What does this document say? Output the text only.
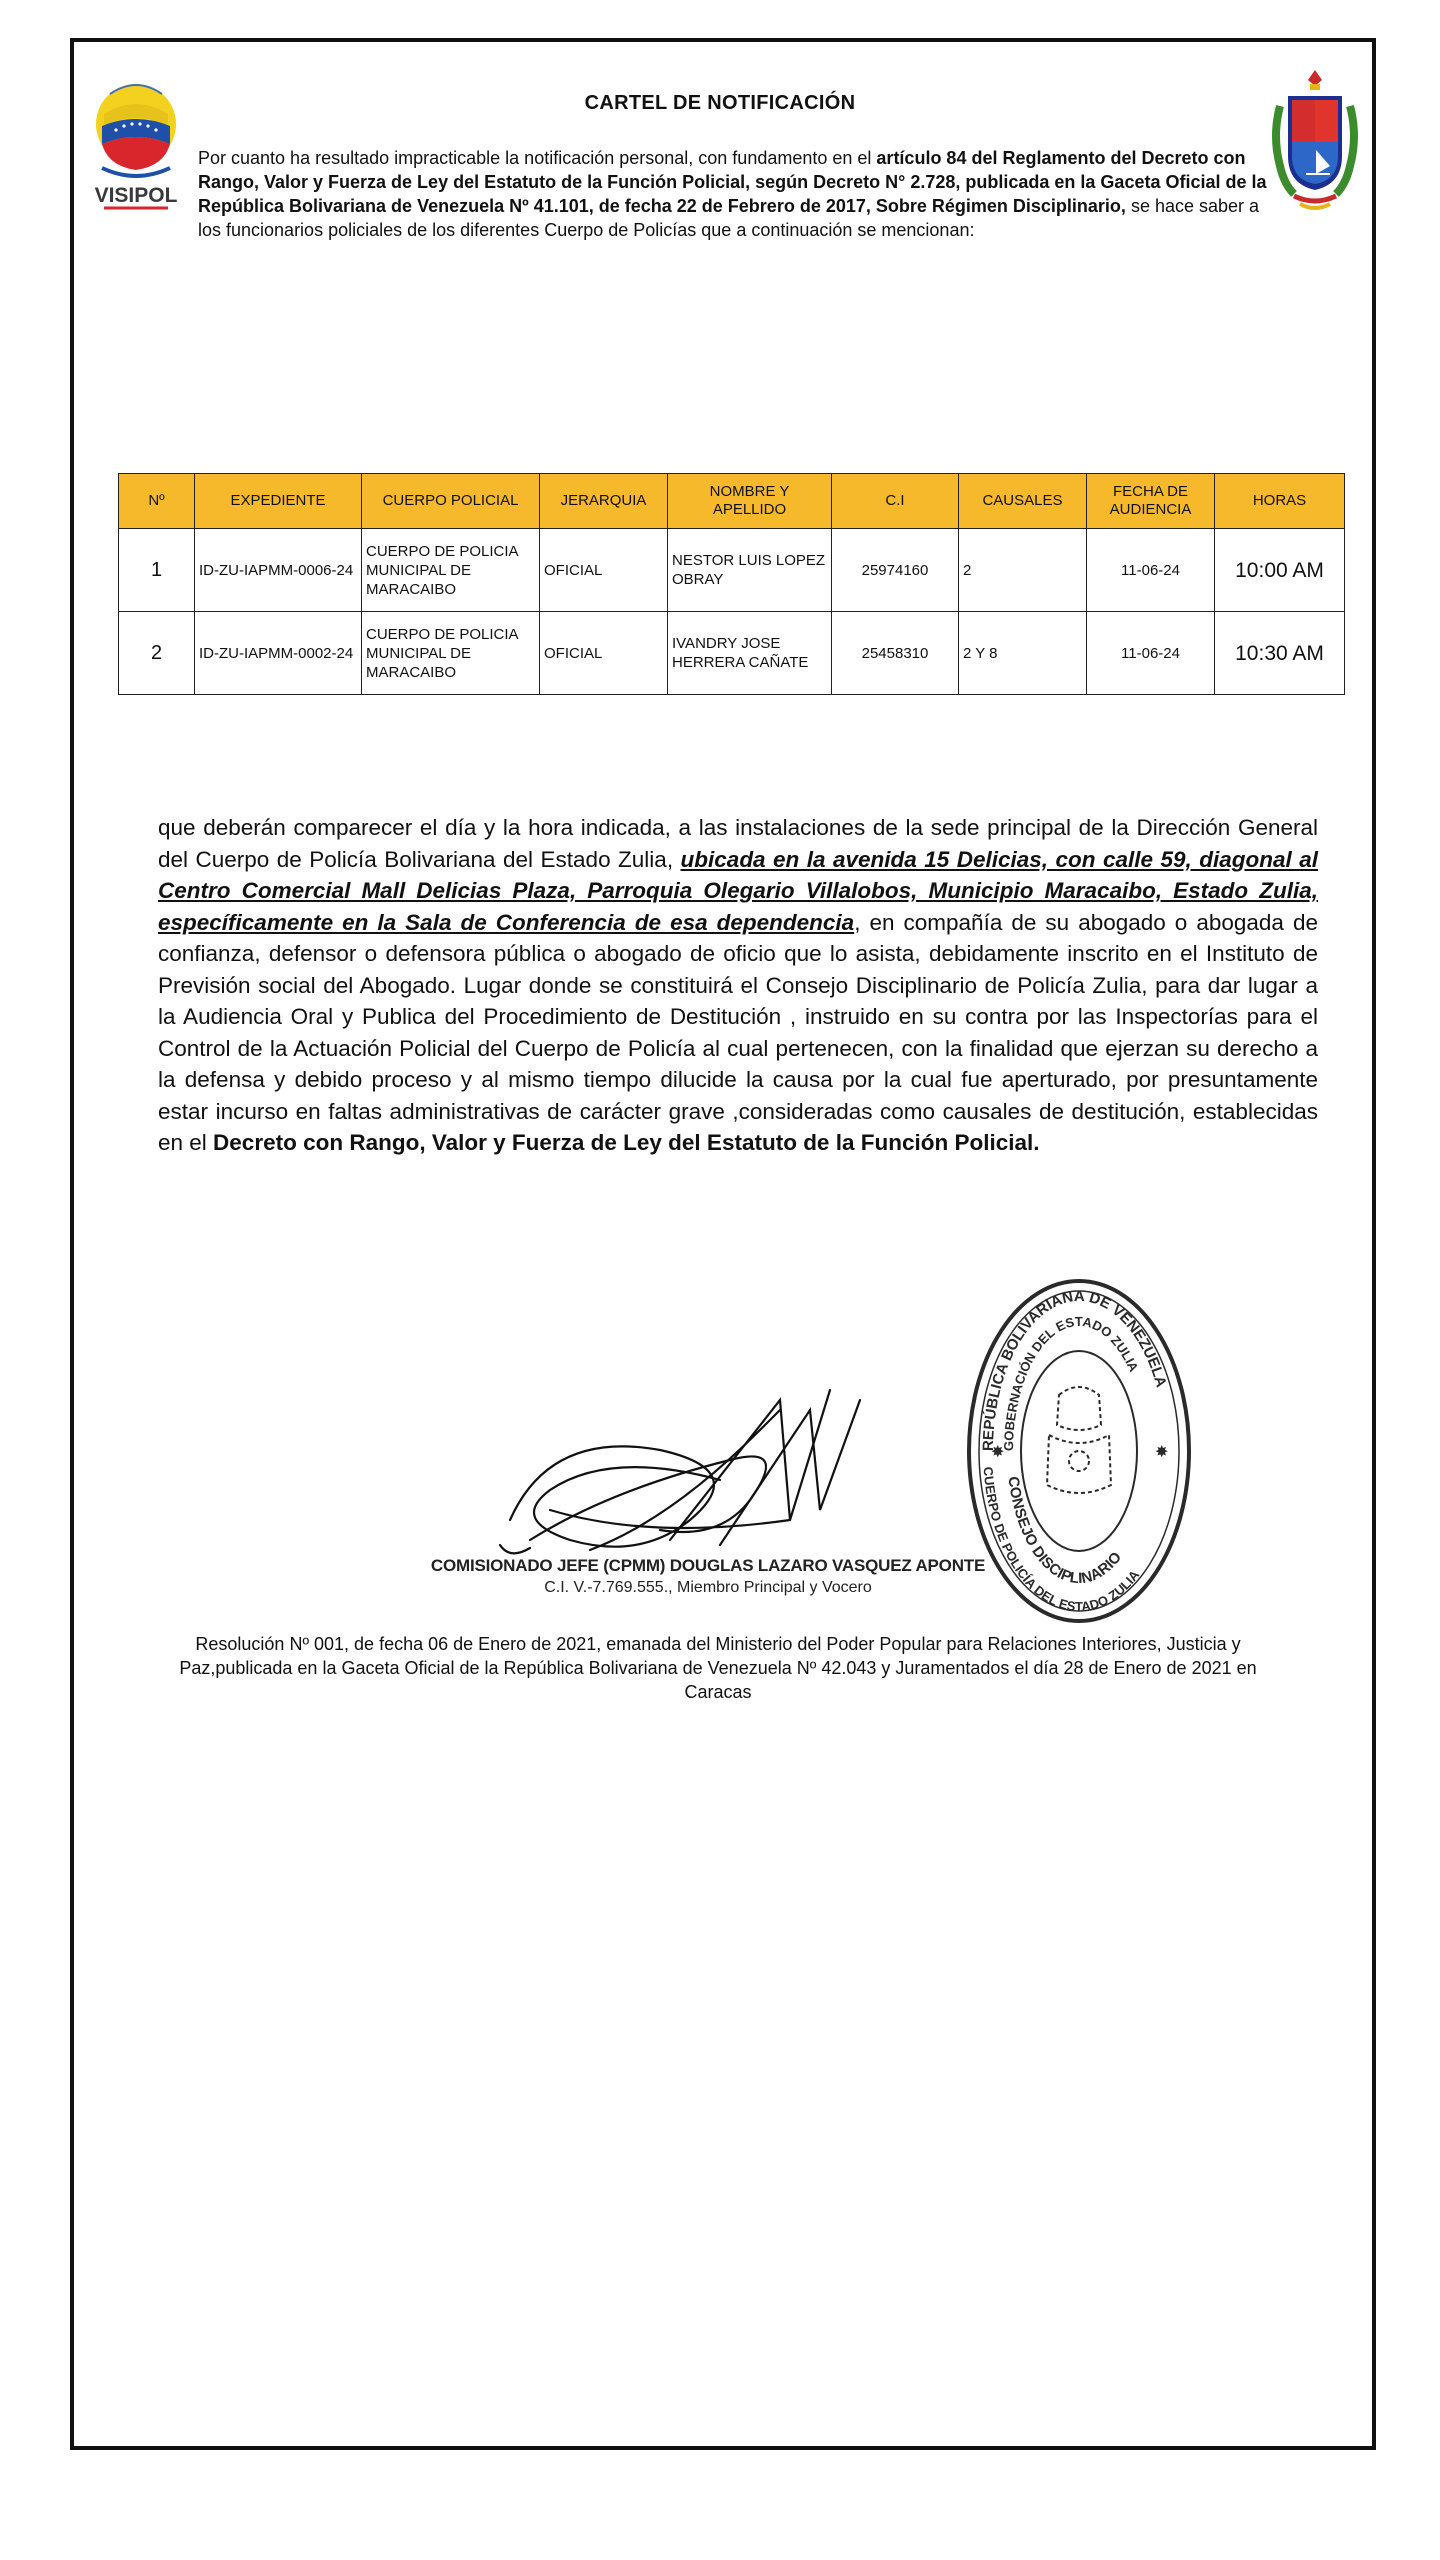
VISIPOL
CARTEL DE NOTIFICACIÓN
Por cuanto ha resultado impracticable la notificación personal, con fundamento en el artículo 84 del Reglamento del Decreto con Rango, Valor y Fuerza de Ley del Estatuto de la Función Policial, según Decreto N° 2.728, publicada en la Gaceta Oficial de la República Bolivariana de Venezuela Nº 41.101, de fecha 22 de Febrero de 2017, Sobre Régimen Disciplinario, se hace saber a los funcionarios policiales de los diferentes Cuerpo de Policías que a continuación se mencionan:
Nº	EXPEDIENTE	CUERPO POLICIAL	JERARQUIA	NOMBRE Y APELLIDO	C.I	CAUSALES	FECHA DE AUDIENCIA	HORAS
1	ID-ZU-IAPMM-0006-24	CUERPO DE POLICIA MUNICIPAL DE MARACAIBO	OFICIAL	NESTOR LUIS LOPEZ OBRAY	25974160	2	11-06-24	10:00 AM
2	ID-ZU-IAPMM-0002-24	CUERPO DE POLICIA MUNICIPAL DE MARACAIBO	OFICIAL	IVANDRY JOSE HERRERA CAÑATE	25458310	2 Y 8	11-06-24	10:30 AM
que deberán comparecer el día y la hora indicada, a las instalaciones de la sede principal de la Dirección General del Cuerpo de Policía Bolivariana del Estado Zulia, ubicada en la avenida 15 Delicias, con calle 59, diagonal al Centro Comercial Mall Delicias Plaza, Parroquia Olegario Villalobos, Municipio Maracaibo, Estado Zulia, específicamente en la Sala de Conferencia de esa dependencia, en compañía de su abogado o abogada de confianza, defensor o defensora pública o abogado de oficio que lo asista, debidamente inscrito en el Instituto de Previsión social del Abogado. Lugar donde se constituirá el Consejo Disciplinario de Policía Zulia, para dar lugar a la Audiencia Oral y Publica del Procedimiento de Destitución , instruido en su contra por las Inspectorías para el Control de la Actuación Policial del Cuerpo de Policía al cual pertenecen, con la finalidad que ejerzan su derecho a la defensa y debido proceso y al mismo tiempo dilucide la causa por la cual fue aperturado, por presuntamente estar incurso en faltas administrativas de carácter grave ,consideradas como causales de destitución, establecidas en el Decreto con Rango, Valor y Fuerza de Ley del Estatuto de la Función Policial.
REPÚBLICA BOLIVARIANA DE VENEZUELA
GOBERNACIÓN DEL ESTADO ZULIA
CONSEJO DISCIPLINARIO
CUERPO DE POLICÍA DEL ESTADO ZULIA
✸	✸
COMISIONADO JEFE (CPMM) DOUGLAS LAZARO VASQUEZ APONTE
C.I. V.-7.769.555., Miembro Principal y Vocero
Resolución Nº 001, de fecha 06 de Enero de 2021, emanada del Ministerio del Poder Popular para Relaciones Interiores, Justicia y Paz,publicada en la Gaceta Oficial de la República Bolivariana de Venezuela Nº 42.043 y Juramentados el día 28 de Enero de 2021 en Caracas
